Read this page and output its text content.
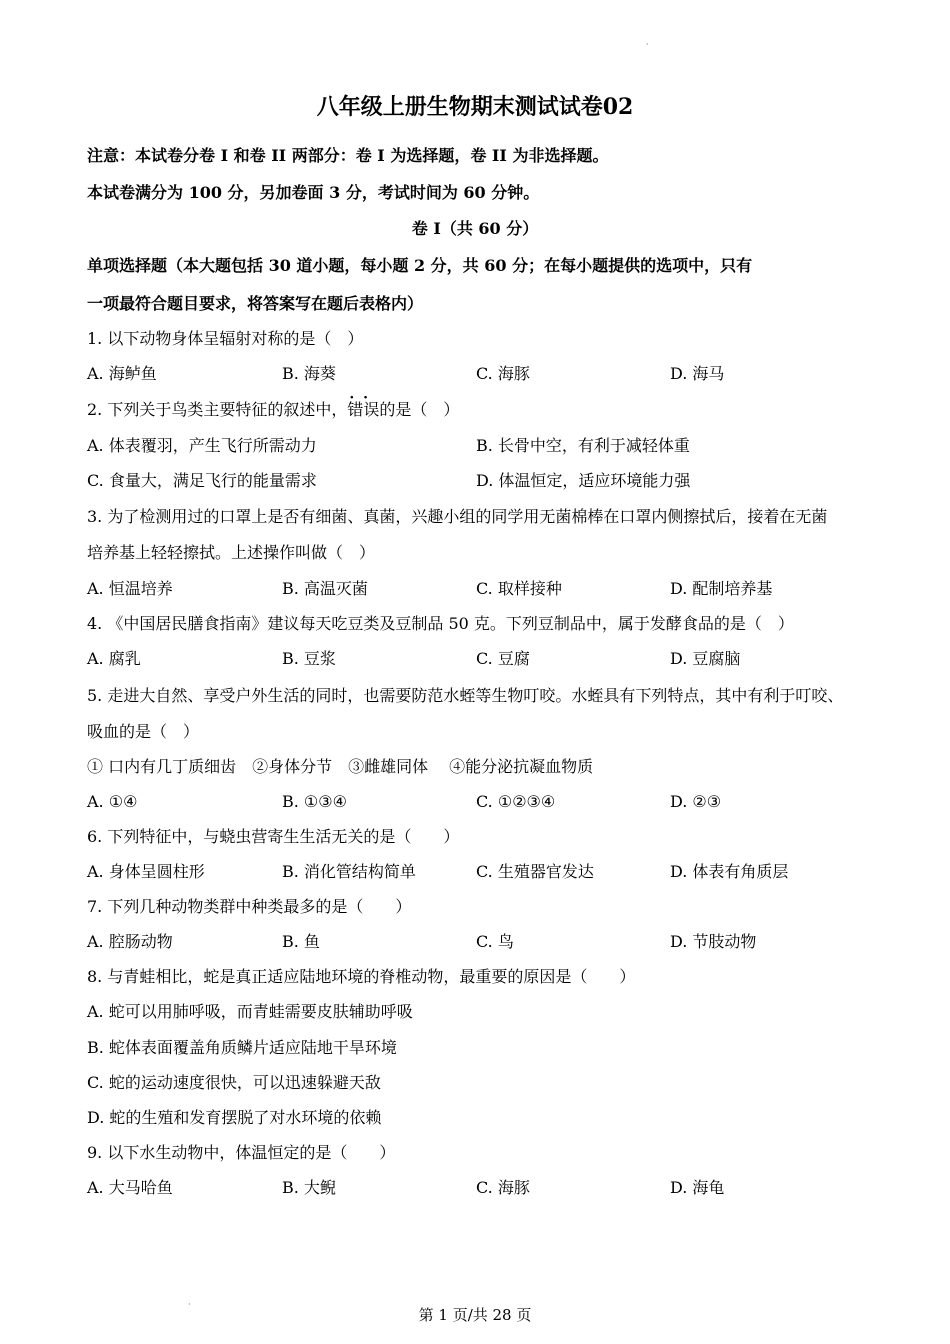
·
八年级上册生物期末测试试卷02
注意：本试卷分卷 I 和卷 II 两部分：卷 I 为选择题，卷 II 为非选择题。
本试卷满分为 100 分，另加卷面 3 分，考试时间为 60 分钟。
卷 I（共 60 分）
单项选择题（本大题包括 30 道小题，每小题 2 分，共 60 分；在每小题提供的选项中，只有
一项最符合题目要求，将答案写在题后表格内）
1. 以下动物身体呈辐射对称的是（　）
A. 海鲈鱼	B. 海葵	C. 海豚	D. 海马
2. 下列关于鸟类主要特征的叙述中，· · 错误的是（　）
A. 体表覆羽，产生飞行所需动力	B. 长骨中空，有利于减轻体重
C. 食量大，满足飞行的能量需求	D. 体温恒定，适应环境能力强
3. 为了检测用过的口罩上是否有细菌、真菌，兴趣小组的同学用无菌棉棒在口罩内侧擦拭后，接着在无菌
培养基上轻轻擦拭。上述操作叫做（　）
A. 恒温培养	B. 高温灭菌	C. 取样接种	D. 配制培养基
4. 《中国居民膳食指南》建议每天吃豆类及豆制品 50 克。下列豆制品中，属于发酵食品的是（　）
A. 腐乳	B. 豆浆	C. 豆腐	D. 豆腐脑
5. 走进大自然、享受户外生活的同时，也需要防范水蛭等生物叮咬。水蛭具有下列特点，其中有利于叮咬、
吸血的是（　）
① 口内有几丁质细齿　②身体分节　③雌雄同体　 ④能分泌抗凝血物质
A. ①④	B. ①③④	C. ①②③④	D. ②③
6. 下列特征中，与蛲虫营寄生生活无关的是（　　）
A. 身体呈圆柱形	B. 消化管结构简单	C. 生殖器官发达	D. 体表有角质层
7. 下列几种动物类群中种类最多的是（　　）
A. 腔肠动物	B. 鱼	C. 鸟	D. 节肢动物
8. 与青蛙相比，蛇是真正适应陆地环境的脊椎动物，最重要的原因是（　　）
A. 蛇可以用肺呼吸，而青蛙需要皮肤辅助呼吸
B. 蛇体表面覆盖角质鳞片适应陆地干旱环境
C. 蛇的运动速度很快，可以迅速躲避天敌
D. 蛇的生殖和发育摆脱了对水环境的依赖
9. 以下水生动物中，体温恒定的是（　　）
A. 大马哈鱼	B. 大鲵	C. 海豚	D. 海龟
·
第 1 页/共 28 页
